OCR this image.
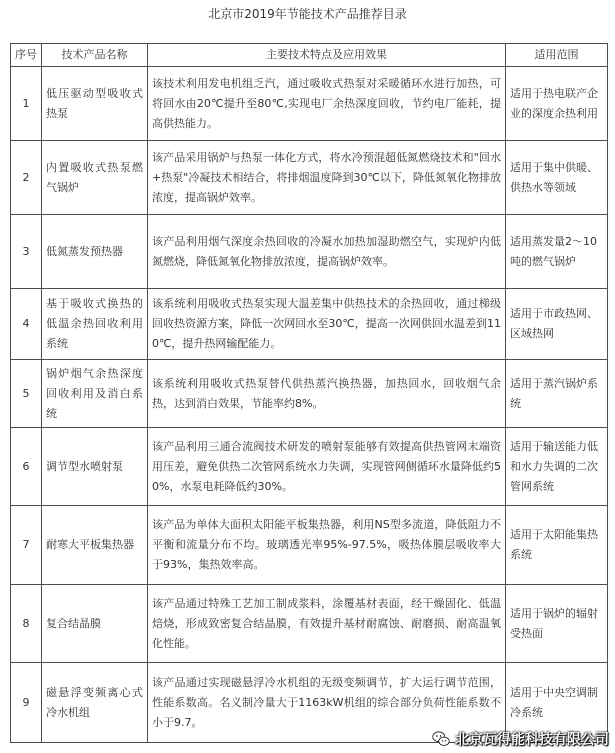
北京市2019年节能技术产品推荐目录
序号	技术产品名称	主要技术特点及应用效果	适用范围
1	低压驱动型吸收式热泵	该技术利用发电机组乏汽，通过吸收式热泵对采暖循环水进行加热，可将回水由20℃提升至80℃,实现电厂余热深度回收，节约电厂能耗，提高供热能力。	适用于热电联产企业的深度余热利用
2	内置吸收式热泵燃气锅炉	该产品采用锅炉与热泵一体化方式，将水冷预混超低氮燃烧技术和"回水+热泵"冷凝技术相结合，将排烟温度降到30℃以下，降低氮氧化物排放浓度，提高锅炉效率。	适用于集中供暖、供热水等领域
3	低氮蒸发预热器	该产品利用烟气深度余热回收的冷凝水加热加湿助燃空气，实现炉内低氮燃烧，降低氮氧化物排放浓度，提高锅炉效率。	适用蒸发量2～10吨的燃气锅炉
4	基于吸收式换热的低温余热回收利用系统	该系统利用吸收式热泵实现大温差集中供热技术的余热回收，通过梯级回收热资源方案，降低一次网回水至30℃，提高一次网供回水温差到110℃，提升热网输配能力。	适用于市政热网、区域热网
5	锅炉烟气余热深度回收利用及消白系统	该系统利用吸收式热泵替代供热蒸汽换热器，加热回水，回收烟气余热，达到消白效果，节能率约8%。	适用于蒸汽锅炉系统
6	调节型水喷射泵	该产品利用三通合流阀技术研发的喷射泵能够有效提高供热管网末端资用压差，避免供热二次管网系统水力失调，实现管网侧循环水量降低约50%，水泵电耗降低约30%。	适用于输送能力低和水力失调的二次管网系统
7	耐寒大平板集热器	该产品为单体大面积太阳能平板集热器，利用NS型多流道，降低阻力不平衡和流量分布不均。玻璃透光率95%-97.5%，吸热体膜层吸收率大于93%，集热效率高。	适用于太阳能集热系统
8	复合结晶膜	该产品通过特殊工艺加工制成浆料，涂覆基材表面，经干燥固化、低温焙烧，形成致密复合结晶膜，有效提升基材耐腐蚀、耐磨损、耐高温氧化性能。	适用于锅炉的辐射受热面
9	磁悬浮变频离心式冷水机组	该产品通过实现磁悬浮冷水机组的无级变频调节，扩大运行调节范围，性能系数高。名义制冷量大于1163kW机组的综合部分负荷性能系数不小于9.7。	适用于中央空调制冷系统
北京瓦得能科技有限公司
